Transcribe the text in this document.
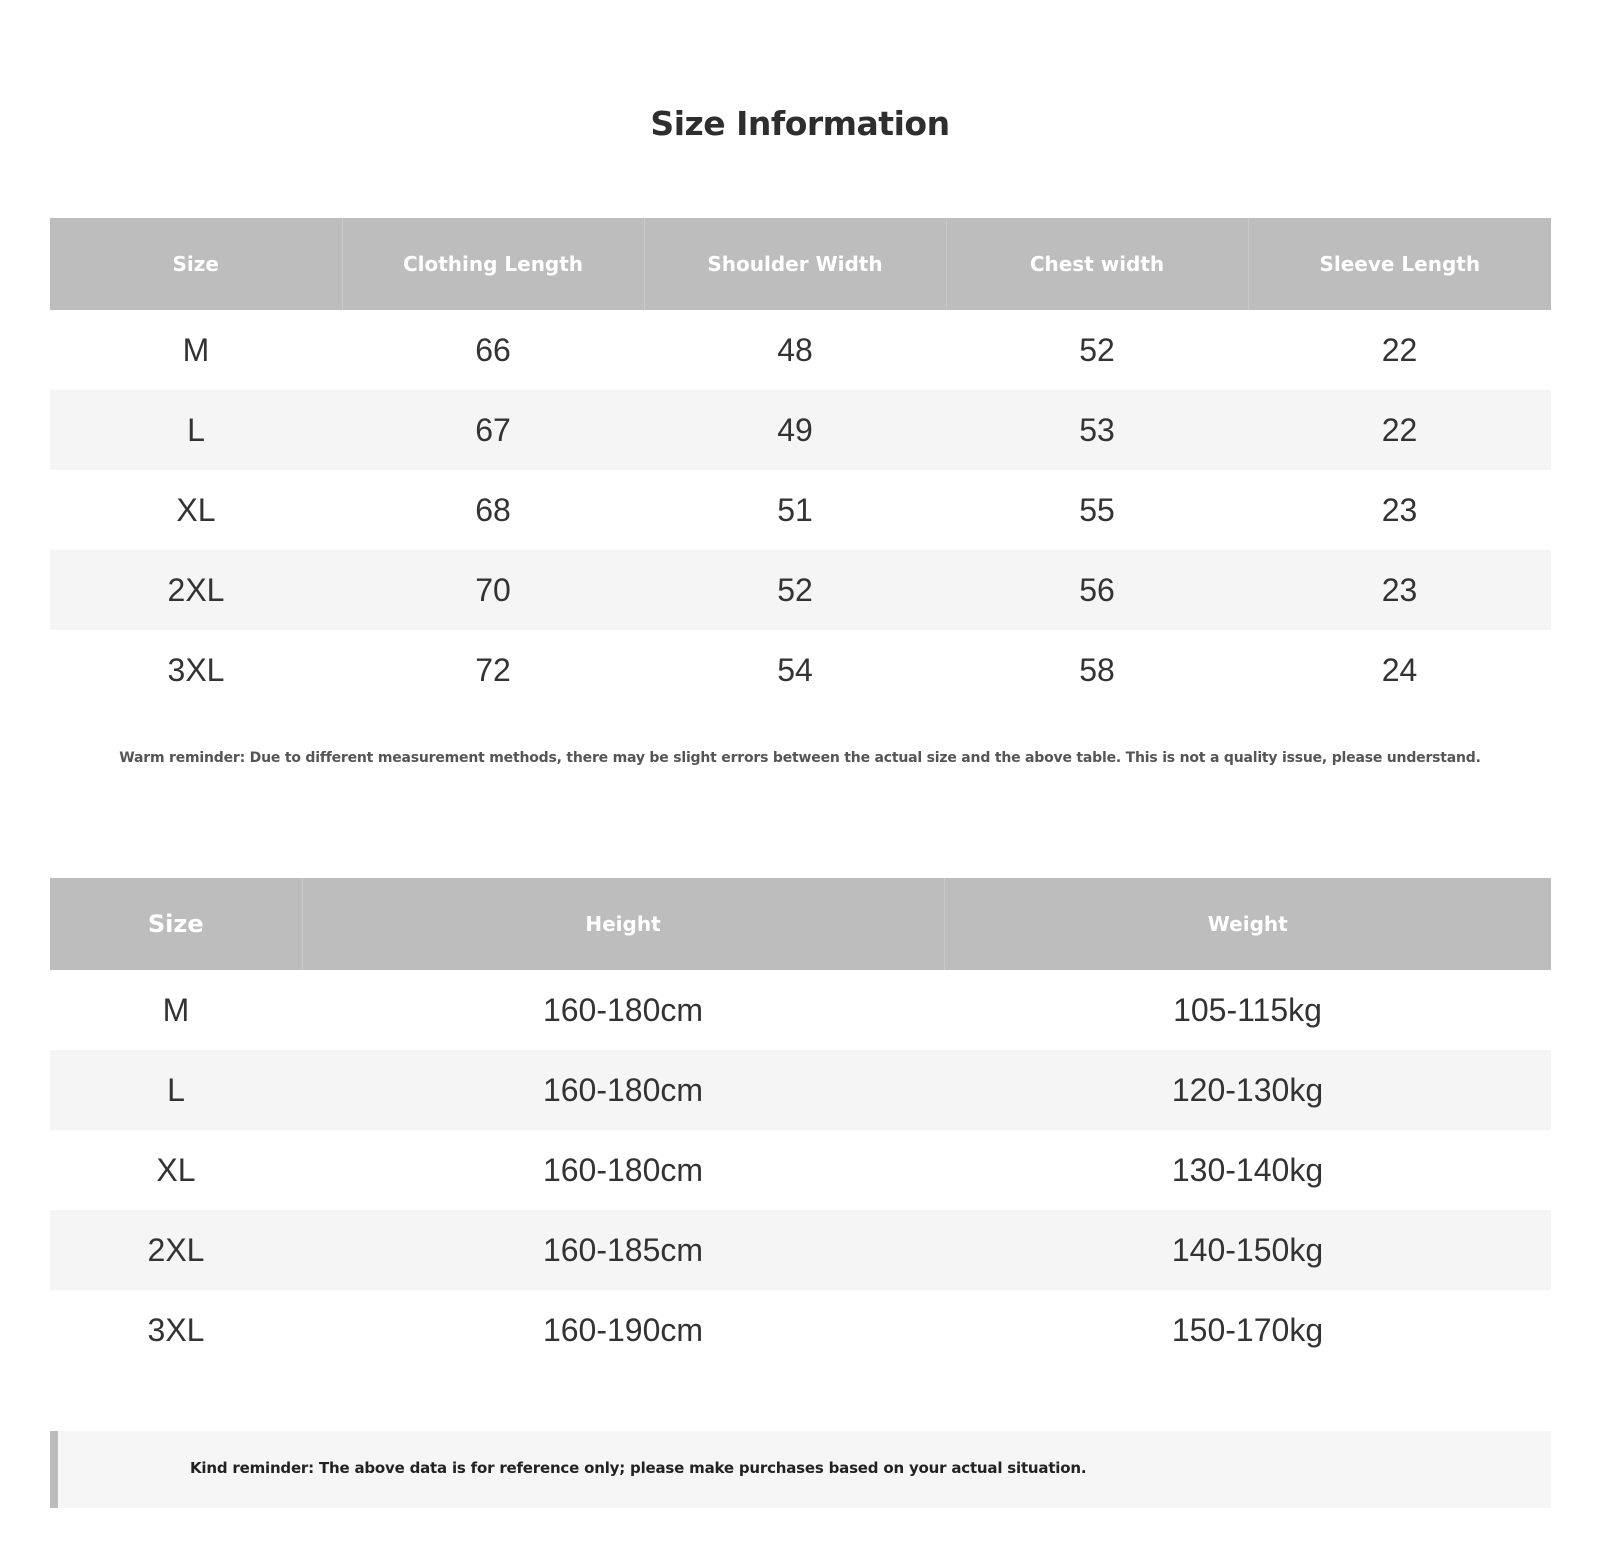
Size Information
Size	Clothing Length	Shoulder Width	Chest width	Sleeve Length
M	66	48	52	22
L	67	49	53	22
XL	68	51	55	23
2XL	70	52	56	23
3XL	72	54	58	24
Warm reminder: Due to different measurement methods, there may be slight errors between the actual size and the above table. This is not a quality issue, please understand.
Size	Height	Weight
M	160-180cm	105-115kg
L	160-180cm	120-130kg
XL	160-180cm	130-140kg
2XL	160-185cm	140-150kg
3XL	160-190cm	150-170kg
Kind reminder: The above data is for reference only; please make purchases based on your actual situation.
